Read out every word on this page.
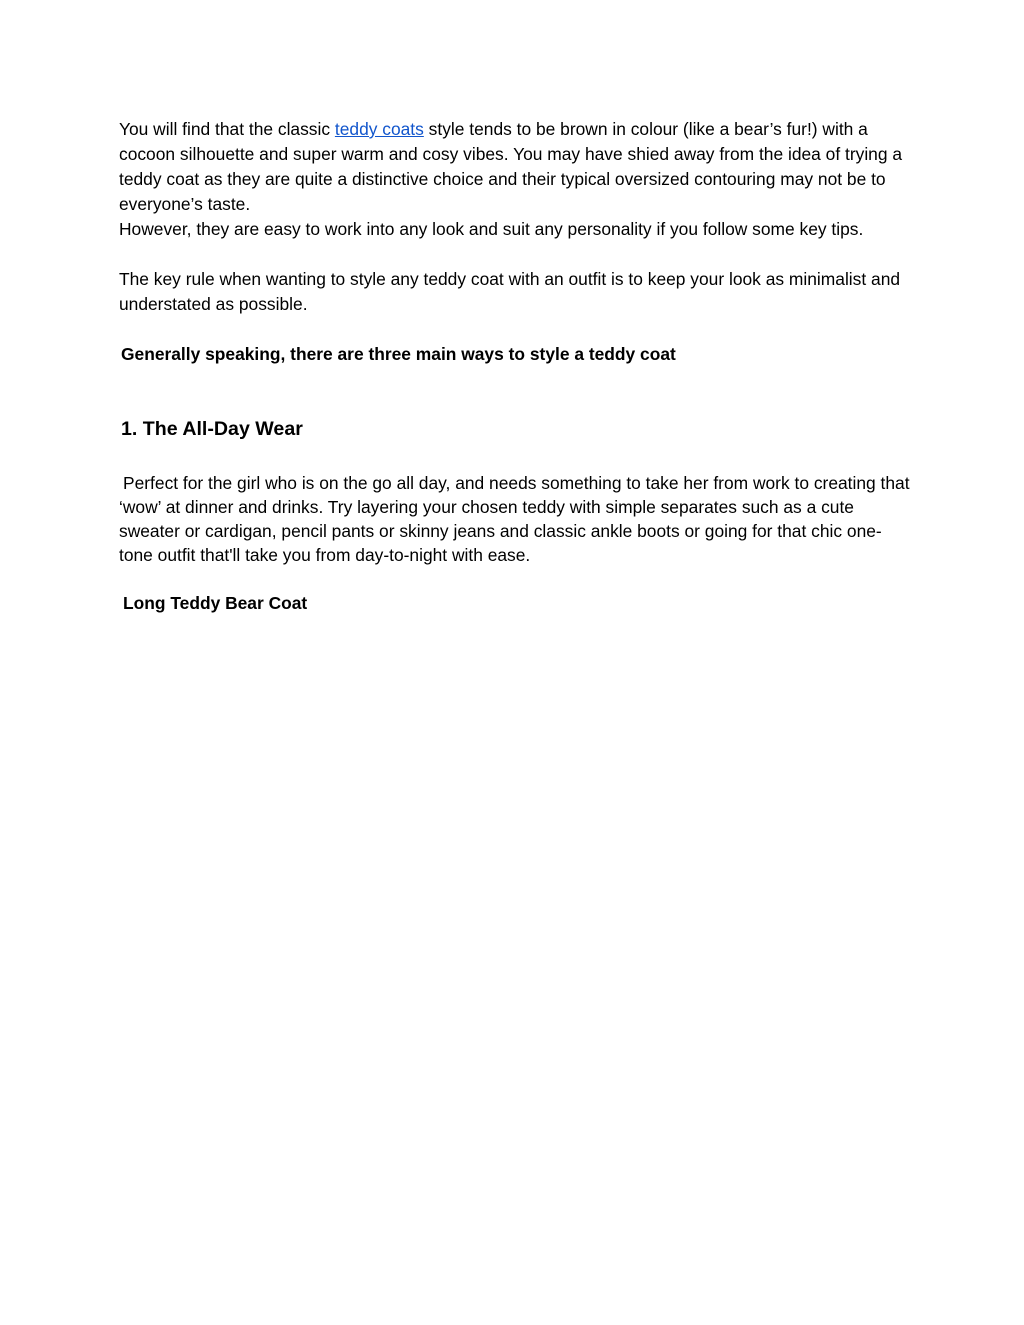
You will find that the classic teddy coats style tends to be brown in colour (like a bear’s fur!) with a cocoon silhouette and super warm and cosy vibes. You may have shied away from the idea of trying a teddy coat as they are quite a distinctive choice and their typical oversized contouring may not be to everyone’s taste.

However, they are easy to work into any look and suit any personality if you follow some key tips.

The key rule when wanting to style any teddy coat with an outfit is to keep your look as minimalist and understated as possible.

Generally speaking, there are three main ways to style a teddy coat

1. The All-Day Wear

Perfect for the girl who is on the go all day, and needs something to take her from work to creating that ‘wow’ at dinner and drinks. Try layering your chosen teddy with simple separates such as a cute sweater or cardigan, pencil pants or skinny jeans and classic ankle boots or going for that chic one-tone outfit that'll take you from day-to-night with ease.

Long Teddy Bear Coat
